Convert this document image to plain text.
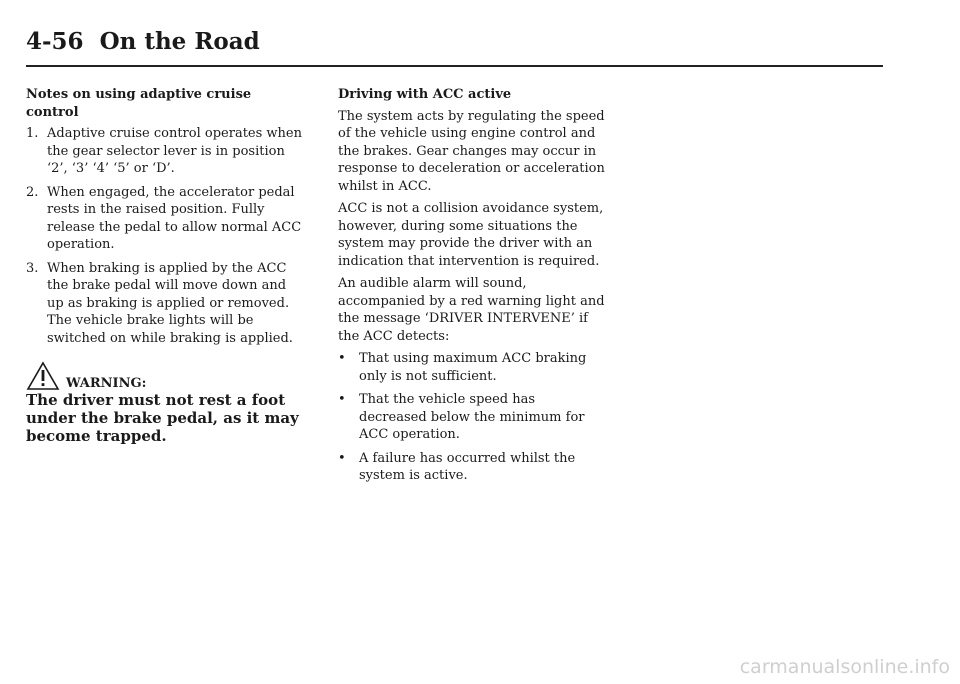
4-56 On the Road

Notes on using adaptive cruise control

1. Adaptive cruise control operates when the gear selector lever is in position ‘2’, ‘3’ ‘4’ ‘5’ or ‘D’.
2. When engaged, the accelerator pedal rests in the raised position. Fully release the pedal to allow normal ACC operation.
3. When braking is applied by the ACC the brake pedal will move down and up as braking is applied or removed. The vehicle brake lights will be switched on while braking is applied.
WARNING:

The driver must not rest a foot under the brake pedal, as it may become trapped.

Driving with ACC active

The system acts by regulating the speed of the vehicle using engine control and the brakes. Gear changes may occur in response to deceleration or acceleration whilst in ACC.

ACC is not a collision avoidance system, however, during some situations the system may provide the driver with an indication that intervention is required.

An audible alarm will sound, accompanied by a red warning light and the message ‘DRIVER INTERVENE’ if the ACC detects:

• That using maximum ACC braking only is not sufficient.
• That the vehicle speed has decreased below the minimum for ACC operation.
• A failure has occurred whilst the system is active.
carmanualsonline.info
